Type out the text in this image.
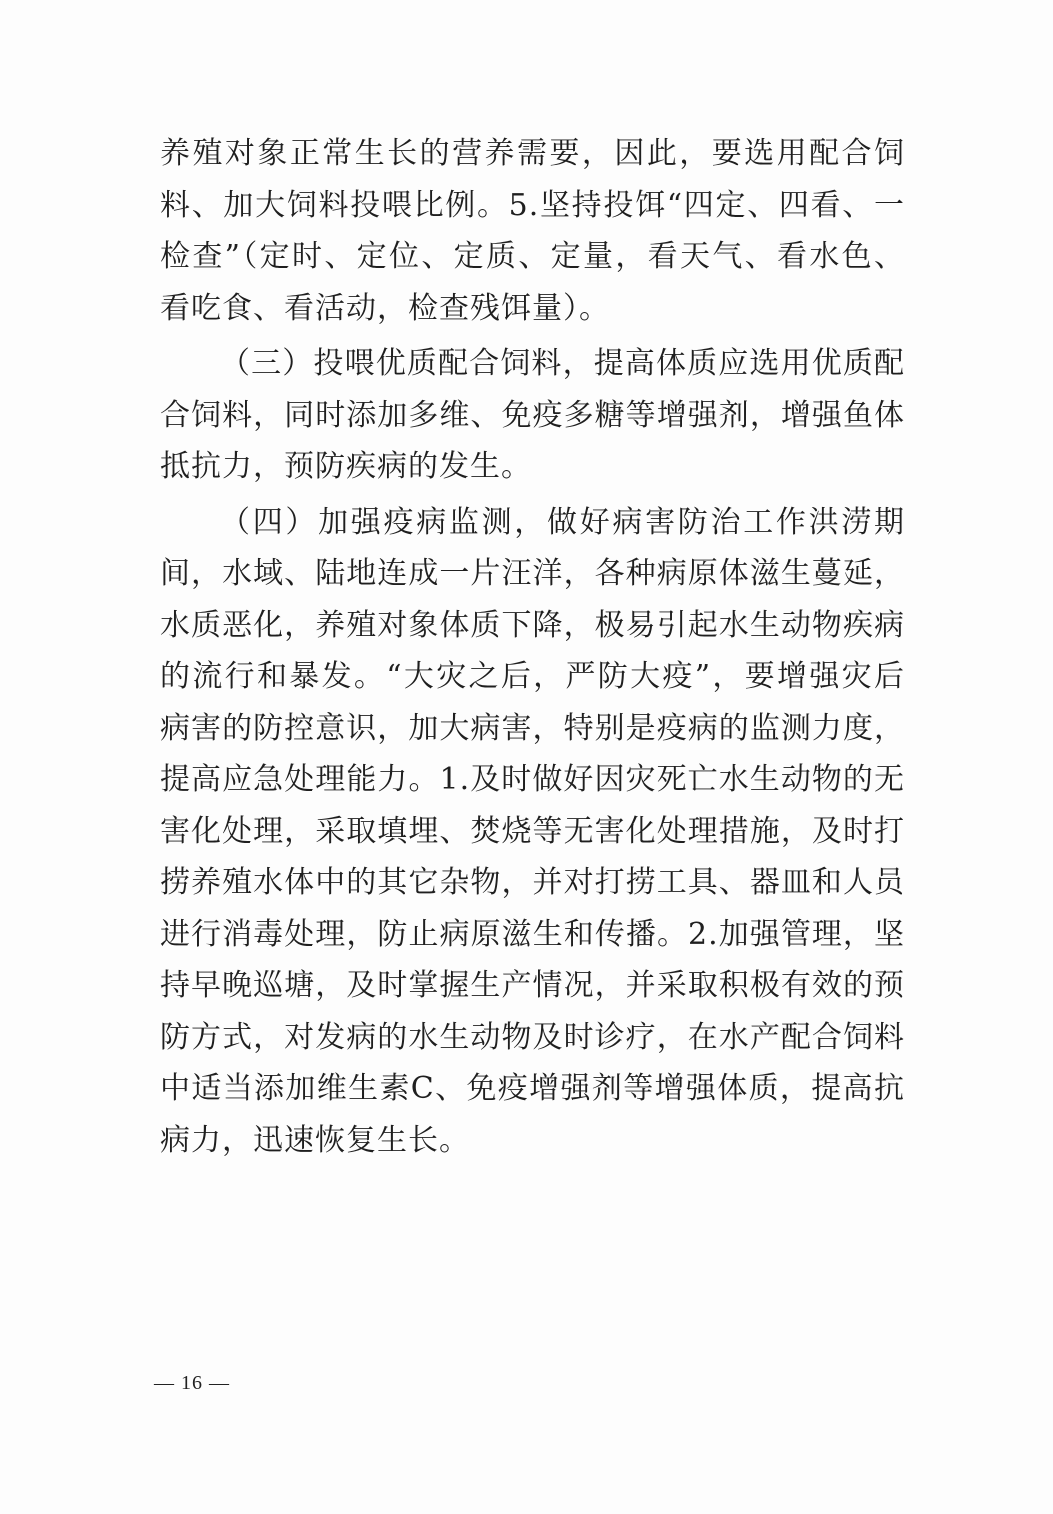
养殖对象正常生长的营养需要，因此，要选用配合饲料、加大饲料投喂比例。5.坚持投饵“四定、四看、一检查”（定时、定位、定质、定量，看天气、看水色、看吃食、看活动，检查残饵量）。

（三）投喂优质配合饲料，提高体质应选用优质配合饲料，同时添加多维、免疫多糖等增强剂，增强鱼体抵抗力，预防疾病的发生。

（四）加强疫病监测，做好病害防治工作洪涝期间，水域、陆地连成一片汪洋，各种病原体滋生蔓延，水质恶化，养殖对象体质下降，极易引起水生动物疾病的流行和暴发。“大灾之后，严防大疫”，要增强灾后病害的防控意识，加大病害，特别是疫病的监测力度，提高应急处理能力。1.及时做好因灾死亡水生动物的无害化处理，采取填埋、焚烧等无害化处理措施，及时打捞养殖水体中的其它杂物，并对打捞工具、器皿和人员进行消毒处理，防止病原滋生和传播。2.加强管理，坚持早晚巡塘，及时掌握生产情况，并采取积极有效的预防方式，对发病的水生动物及时诊疗，在水产配合饲料中适当添加维生素C、免疫增强剂等增强体质，提高抗病力，迅速恢复生长。

— 16 —
